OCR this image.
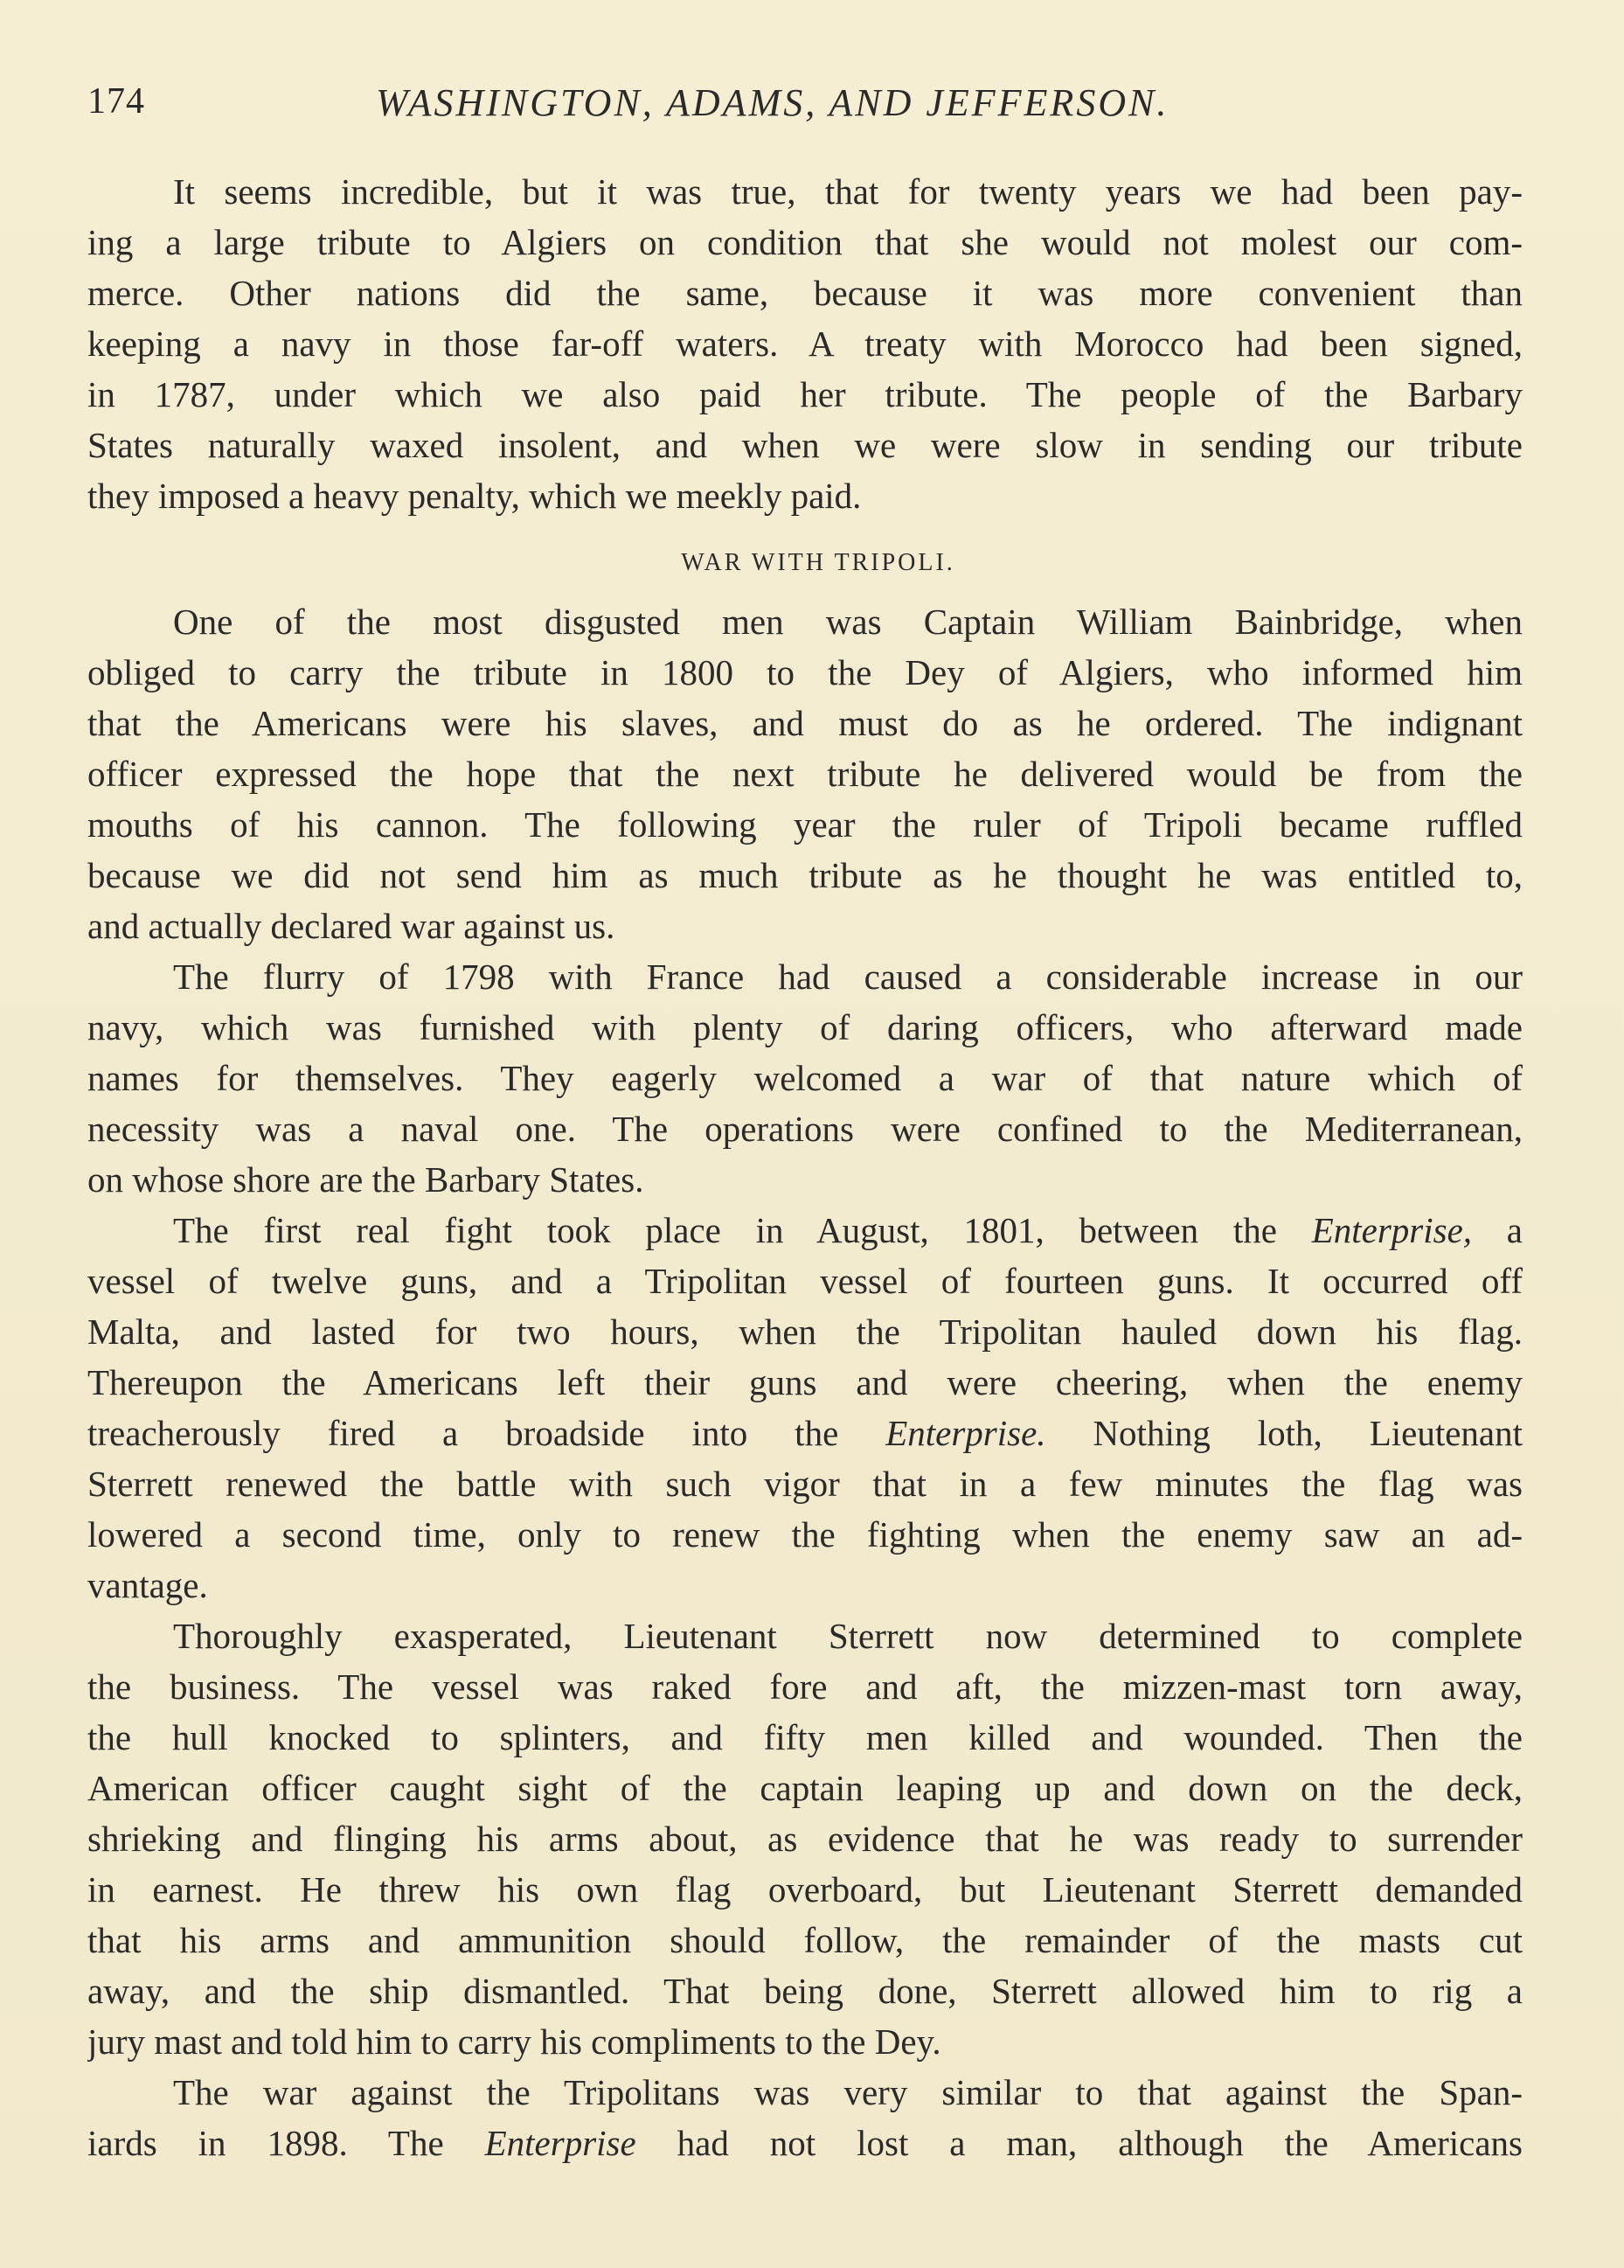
174	WASHINGTON, ADAMS, AND JEFFERSON.
It seems incredible, but it was true, that for twenty years we had been pay-
ing a large tribute to Algiers on condition that she would not molest our com-
merce. Other nations did the same, because it was more convenient than
keeping a navy in those far-off waters. A treaty with Morocco had been signed,
in 1787, under which we also paid her tribute. The people of the Barbary
States naturally waxed insolent, and when we were slow in sending our tribute
they imposed a heavy penalty, which we meekly paid.
WAR WITH TRIPOLI.
One of the most disgusted men was Captain William Bainbridge, when
obliged to carry the tribute in 1800 to the Dey of Algiers, who informed him
that the Americans were his slaves, and must do as he ordered. The indignant
officer expressed the hope that the next tribute he delivered would be from the
mouths of his cannon. The following year the ruler of Tripoli became ruffled
because we did not send him as much tribute as he thought he was entitled to,
and actually declared war against us.
The flurry of 1798 with France had caused a considerable increase in our
navy, which was furnished with plenty of daring officers, who afterward made
names for themselves. They eagerly welcomed a war of that nature which of
necessity was a naval one. The operations were confined to the Mediterranean,
on whose shore are the Barbary States.
The first real fight took place in August, 1801, between the Enterprise, a
vessel of twelve guns, and a Tripolitan vessel of fourteen guns. It occurred off
Malta, and lasted for two hours, when the Tripolitan hauled down his flag.
Thereupon the Americans left their guns and were cheering, when the enemy
treacherously fired a broadside into the Enterprise. Nothing loth, Lieutenant
Sterrett renewed the battle with such vigor that in a few minutes the flag was
lowered a second time, only to renew the fighting when the enemy saw an ad-
vantage.
Thoroughly exasperated, Lieutenant Sterrett now determined to complete
the business. The vessel was raked fore and aft, the mizzen-mast torn away,
the hull knocked to splinters, and fifty men killed and wounded. Then the
American officer caught sight of the captain leaping up and down on the deck,
shrieking and flinging his arms about, as evidence that he was ready to surrender
in earnest. He threw his own flag overboard, but Lieutenant Sterrett demanded
that his arms and ammunition should follow, the remainder of the masts cut
away, and the ship dismantled. That being done, Sterrett allowed him to rig a
jury mast and told him to carry his compliments to the Dey.
The war against the Tripolitans was very similar to that against the Span-
iards in 1898. The Enterprise had not lost a man, although the Americans
